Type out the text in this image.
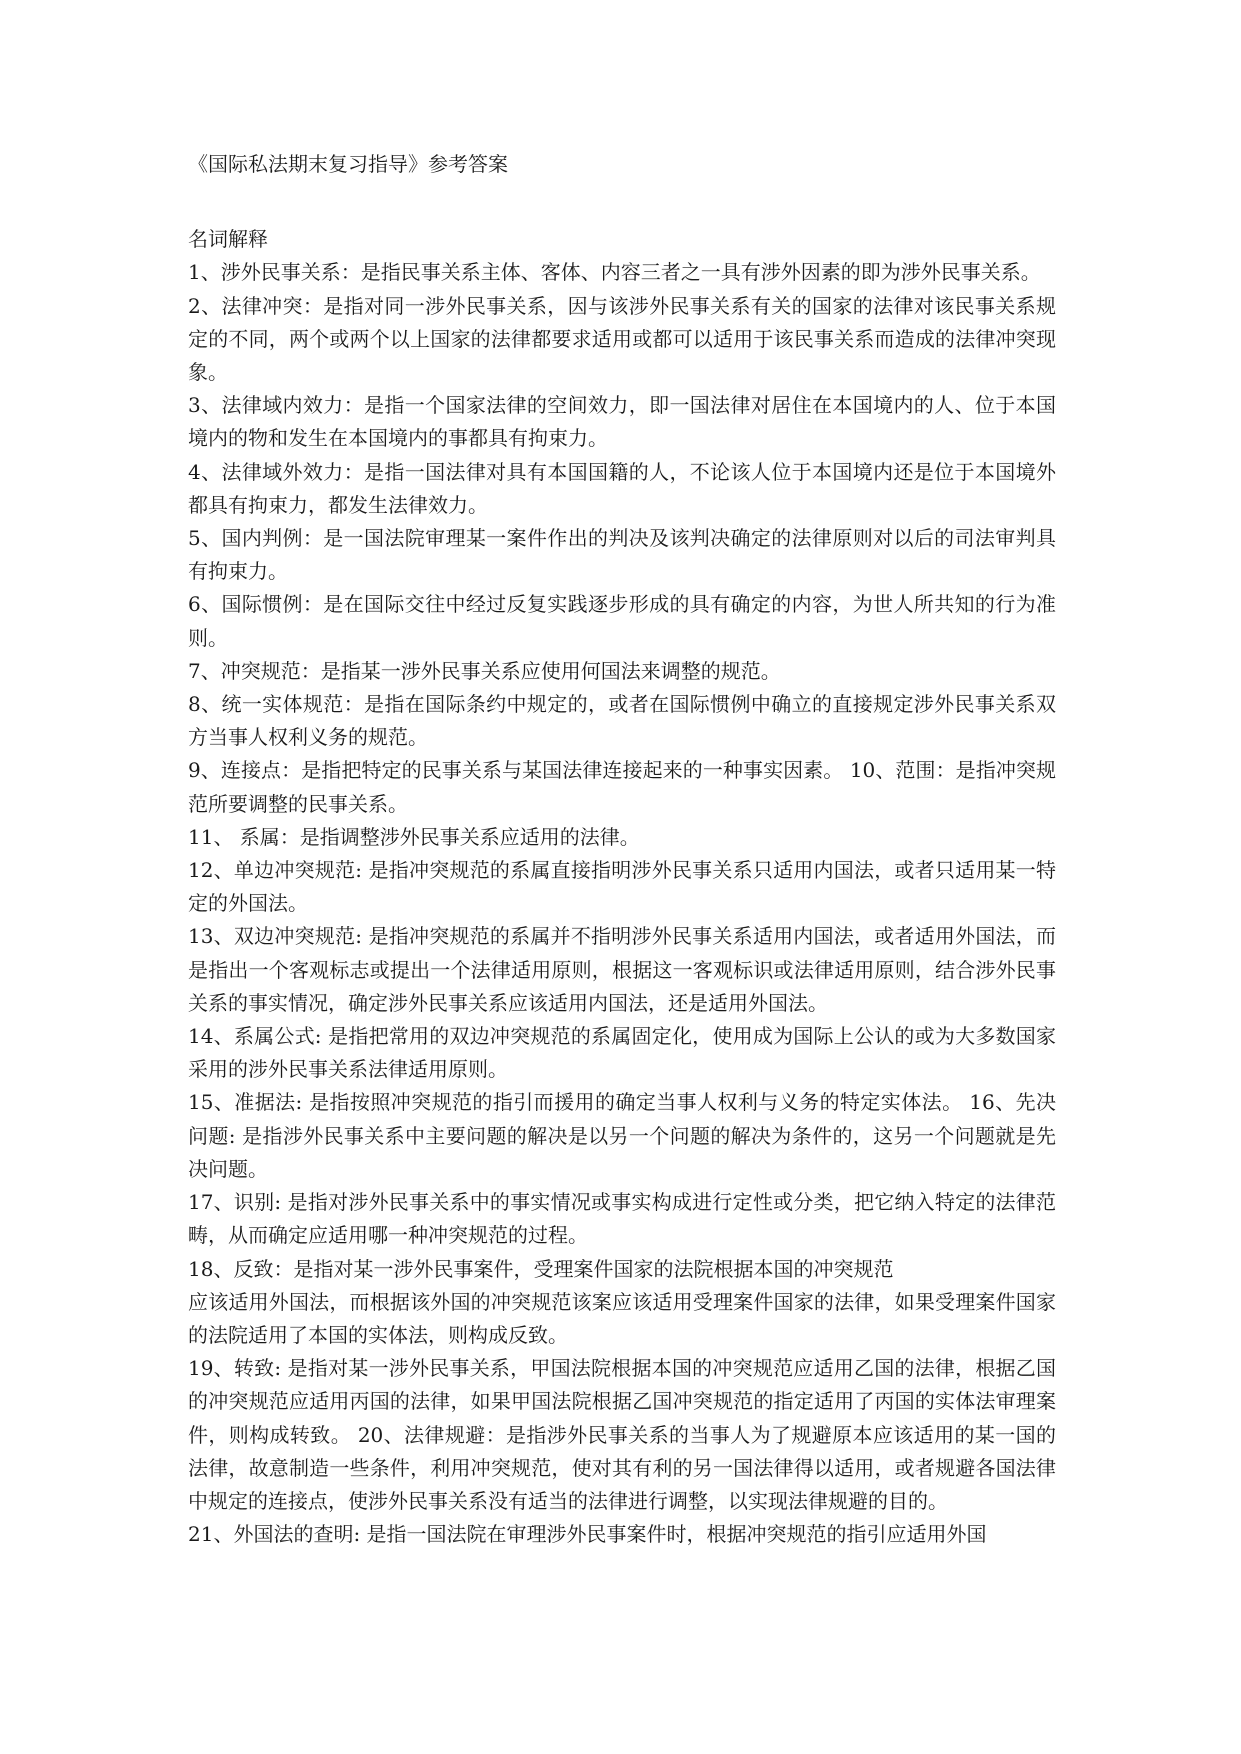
《国际私法期末复习指导》参考答案
名词解释

1、涉外民事关系：是指民事关系主体、客体、内容三者之一具有涉外因素的即为涉外民事关系。

2、法律冲突：是指对同一涉外民事关系，因与该涉外民事关系有关的国家的法律对该民事关系规定的不同，两个或两个以上国家的法律都要求适用或都可以适用于该民事关系而造成的法律冲突现象。

3、法律域内效力：是指一个国家法律的空间效力，即一国法律对居住在本国境内的人、位于本国境内的物和发生在本国境内的事都具有拘束力。

4、法律域外效力：是指一国法律对具有本国国籍的人，不论该人位于本国境内还是位于本国境外都具有拘束力，都发生法律效力。

5、国内判例：是一国法院审理某一案件作出的判决及该判决确定的法律原则对以后的司法审判具有拘束力。

6、国际惯例：是在国际交往中经过反复实践逐步形成的具有确定的内容，为世人所共知的行为准则。

7、冲突规范：是指某一涉外民事关系应使用何国法来调整的规范。

8、统一实体规范：是指在国际条约中规定的，或者在国际惯例中确立的直接规定涉外民事关系双方当事人权利义务的规范。

9、连接点：是指把特定的民事关系与某国法律连接起来的一种事实因素。 10、范围：是指冲突规范所要调整的民事关系。

11、 系属：是指调整涉外民事关系应适用的法律。

12、单边冲突规范: 是指冲突规范的系属直接指明涉外民事关系只适用内国法，或者只适用某一特定的外国法。

13、双边冲突规范: 是指冲突规范的系属并不指明涉外民事关系适用内国法，或者适用外国法，而是指出一个客观标志或提出一个法律适用原则，根据这一客观标识或法律适用原则，结合涉外民事关系的事实情况，确定涉外民事关系应该适用内国法，还是适用外国法。

14、系属公式: 是指把常用的双边冲突规范的系属固定化，使用成为国际上公认的或为大多数国家采用的涉外民事关系法律适用原则。

15、准据法: 是指按照冲突规范的指引而援用的确定当事人权利与义务的特定实体法。 16、先决问题: 是指涉外民事关系中主要问题的解决是以另一个问题的解决为条件的，这另一个问题就是先决问题。

17、识别: 是指对涉外民事关系中的事实情况或事实构成进行定性或分类，把它纳入特定的法律范畴，从而确定应适用哪一种冲突规范的过程。

18、反致：是指对某一涉外民事案件，受理案件国家的法院根据本国的冲突规范

应该适用外国法，而根据该外国的冲突规范该案应该适用受理案件国家的法律，如果受理案件国家的法院适用了本国的实体法，则构成反致。

19、转致: 是指对某一涉外民事关系，甲国法院根据本国的冲突规范应适用乙国的法律，根据乙国的冲突规范应适用丙国的法律，如果甲国法院根据乙国冲突规范的指定适用了丙国的实体法审理案件，则构成转致。 20、法律规避：是指涉外民事关系的当事人为了规避原本应该适用的某一国的法律，故意制造一些条件，利用冲突规范，使对其有利的另一国法律得以适用，或者规避各国法律中规定的连接点，使涉外民事关系没有适当的法律进行调整，以实现法律规避的目的。

21、外国法的查明: 是指一国法院在审理涉外民事案件时，根据冲突规范的指引应适用外国
